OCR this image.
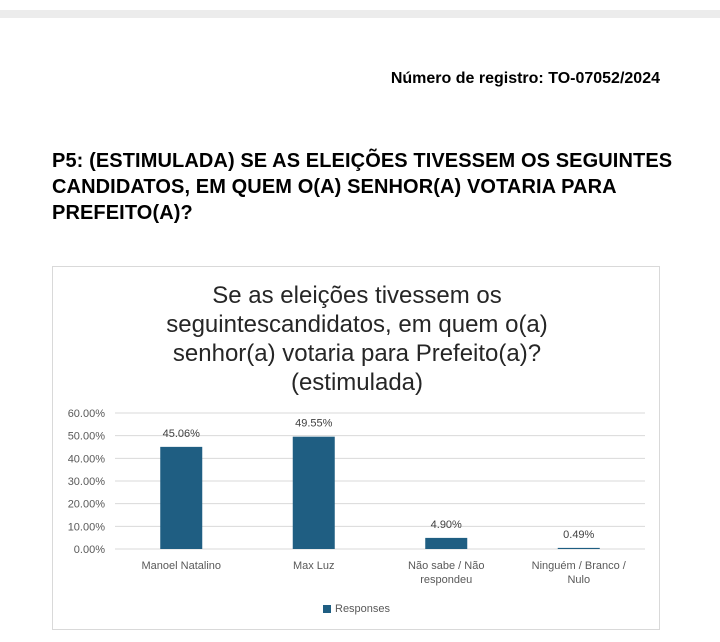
Número de registro: TO-07052/2024
P5: (ESTIMULADA) SE AS ELEIÇÕES TIVESSEM OS SEGUINTES CANDIDATOS, EM QUEM O(A) SENHOR(A) VOTARIA PARA PREFEITO(A)?
Se as eleições tivessem os
seguintescandidatos, em quem o(a)
senhor(a) votaria para Prefeito(a)?
(estimulada)
0.00%
10.00%
20.00%
30.00%
40.00%
50.00%
60.00%
45.06%
Manoel Natalino
49.55%
Max Luz
4.90%
Não sabe / Não
respondeu
0.49%
Ninguém / Branco /
Nulo
Responses
